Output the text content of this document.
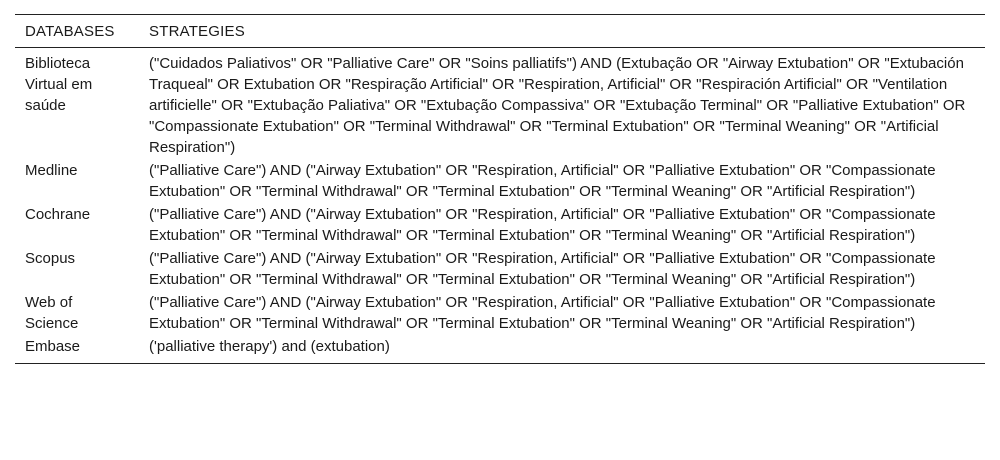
DATABASES	STRATEGIES
Biblioteca Virtual em saúde	("Cuidados Paliativos" OR "Palliative Care" OR "Soins palliatifs") AND (Extubação OR "Airway Extubation" OR "Extubación Traqueal" OR Extubation OR "Respiração Artificial" OR "Respiration, Artificial" OR "Respiración Artificial" OR "Ventilation artificielle" OR "Extubação Paliativa" OR "Extubação Compassiva" OR "Extubação Terminal" OR "Palliative Extubation" OR "Compassionate Extubation" OR "Terminal Withdrawal" OR "Terminal Extubation" OR "Terminal Weaning" OR "Artificial Respiration")
Medline	("Palliative Care") AND ("Airway Extubation" OR "Respiration, Artificial" OR "Palliative Extubation" OR "Compassionate Extubation" OR "Terminal Withdrawal" OR "Terminal Extubation" OR "Terminal Weaning" OR "Artificial Respiration")
Cochrane	("Palliative Care") AND ("Airway Extubation" OR "Respiration, Artificial" OR "Palliative Extubation" OR "Compassionate Extubation" OR "Terminal Withdrawal" OR "Terminal Extubation" OR "Terminal Weaning" OR "Artificial Respiration")
Scopus	("Palliative Care") AND ("Airway Extubation" OR "Respiration, Artificial" OR "Palliative Extubation" OR "Compassionate Extubation" OR "Terminal Withdrawal" OR "Terminal Extubation" OR "Terminal Weaning" OR "Artificial Respiration")
Web of Science	("Palliative Care") AND ("Airway Extubation" OR "Respiration, Artificial" OR "Palliative Extubation" OR "Compassionate Extubation" OR "Terminal Withdrawal" OR "Terminal Extubation" OR "Terminal Weaning" OR "Artificial Respiration")
Embase	('palliative therapy') and (extubation)
